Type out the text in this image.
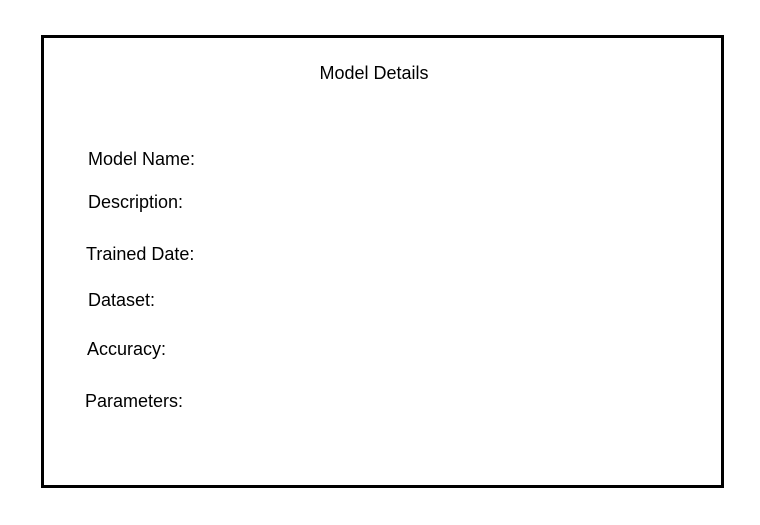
Model Details
Model Name:
Description:
Trained Date:
Dataset:
Accuracy:
Parameters:
